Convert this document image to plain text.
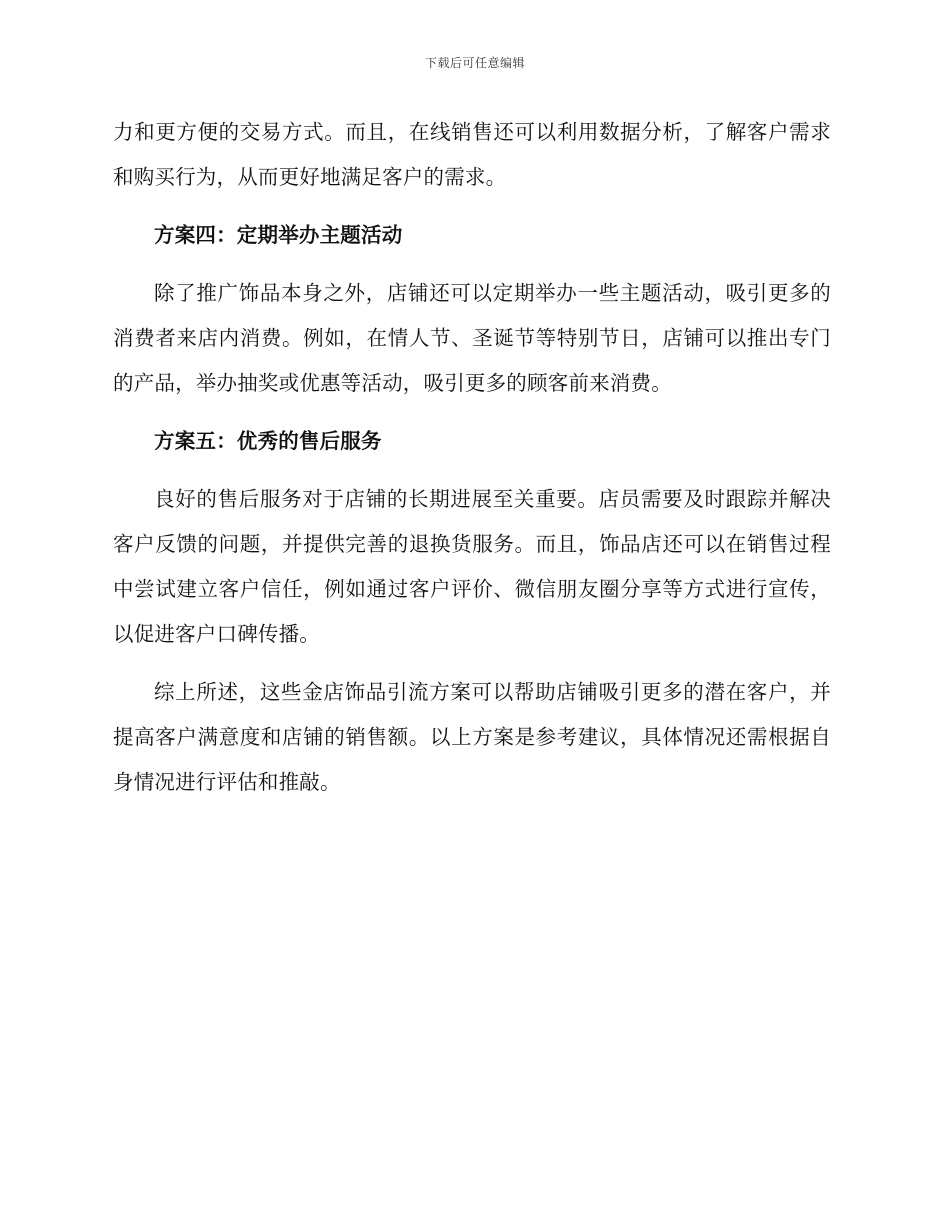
下载后可任意编辑

力和更方便的交易方式。而且，在线销售还可以利用数据分析，了解客户需求和购买行为，从而更好地满足客户的需求。

方案四：定期举办主题活动

除了推广饰品本身之外，店铺还可以定期举办一些主题活动，吸引更多的消费者来店内消费。例如，在情人节、圣诞节等特别节日，店铺可以推出专门的产品，举办抽奖或优惠等活动，吸引更多的顾客前来消费。

方案五：优秀的售后服务

良好的售后服务对于店铺的长期进展至关重要。店员需要及时跟踪并解决客户反馈的问题，并提供完善的退换货服务。而且，饰品店还可以在销售过程中尝试建立客户信任，例如通过客户评价、微信朋友圈分享等方式进行宣传，以促进客户口碑传播。

综上所述，这些金店饰品引流方案可以帮助店铺吸引更多的潜在客户，并提高客户满意度和店铺的销售额。以上方案是参考建议，具体情况还需根据自身情况进行评估和推敲。
